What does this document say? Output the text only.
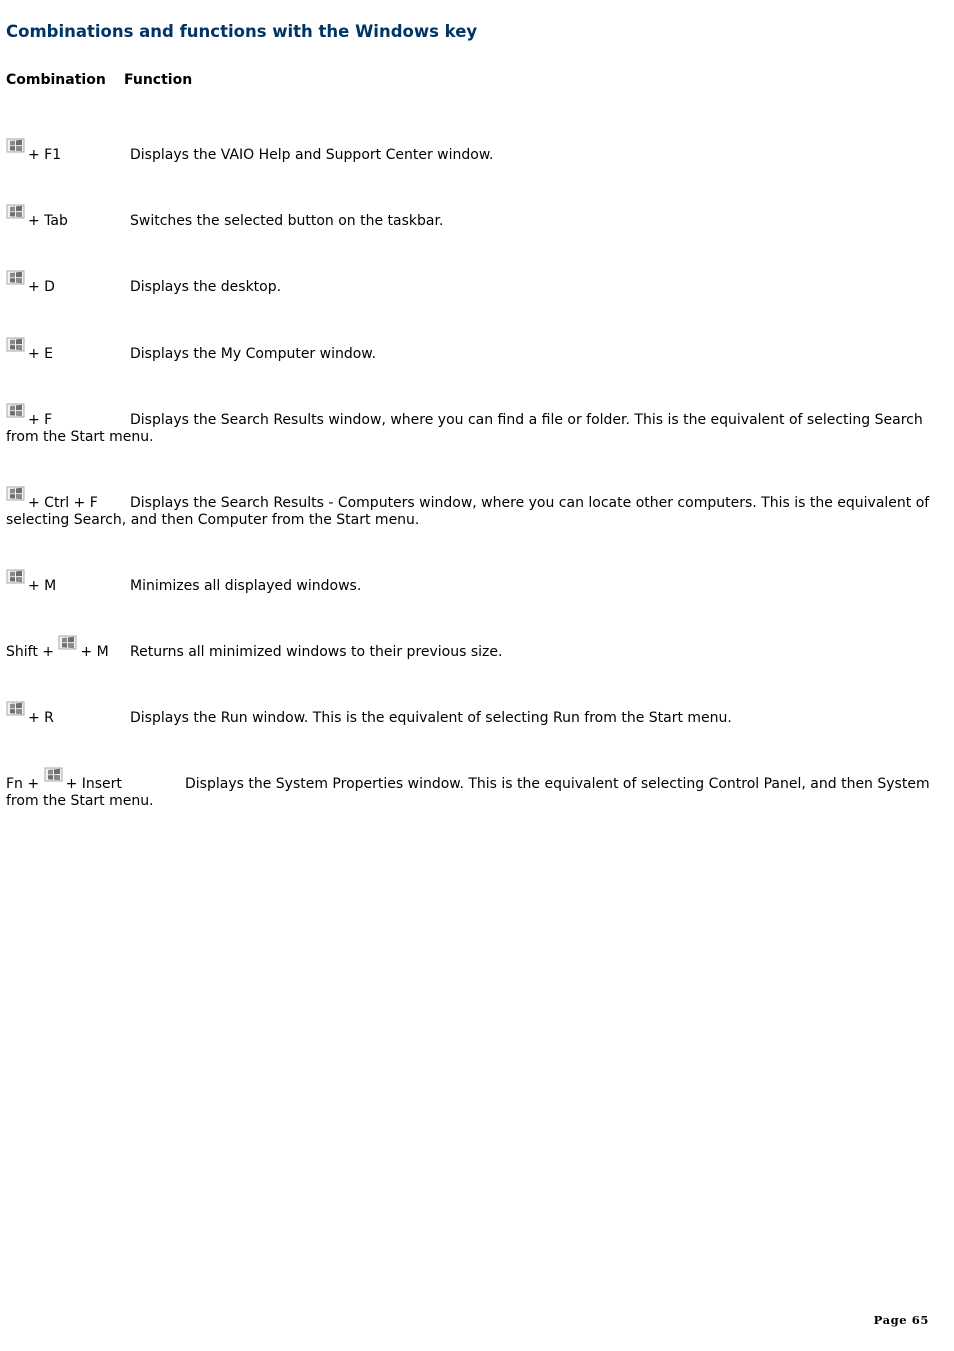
Combinations and functions with the Windows key
Combination Function
+ F1	Displays the VAIO Help and Support Center window.
+ Tab	Switches the selected button on the taskbar.
+ D	Displays the desktop.
+ E	Displays the My Computer window.
+ F	Displays the Search Results window, where you can find a file or folder. This is the equivalent of selecting Search from the Start menu.
+ Ctrl + F Displays the Search Results - Computers window, where you can locate other computers. This is the equivalent of selecting Search, and then Computer from the Start menu.
+ M	Minimizes all displayed windows.
Shift + + M Returns all minimized windows to their previous size.
+ R	Displays the Run window. This is the equivalent of selecting Run from the Start menu.
Fn + + Insert	Displays the System Properties window. This is the equivalent of selecting Control Panel, and then System from the Start menu.
Page 65
